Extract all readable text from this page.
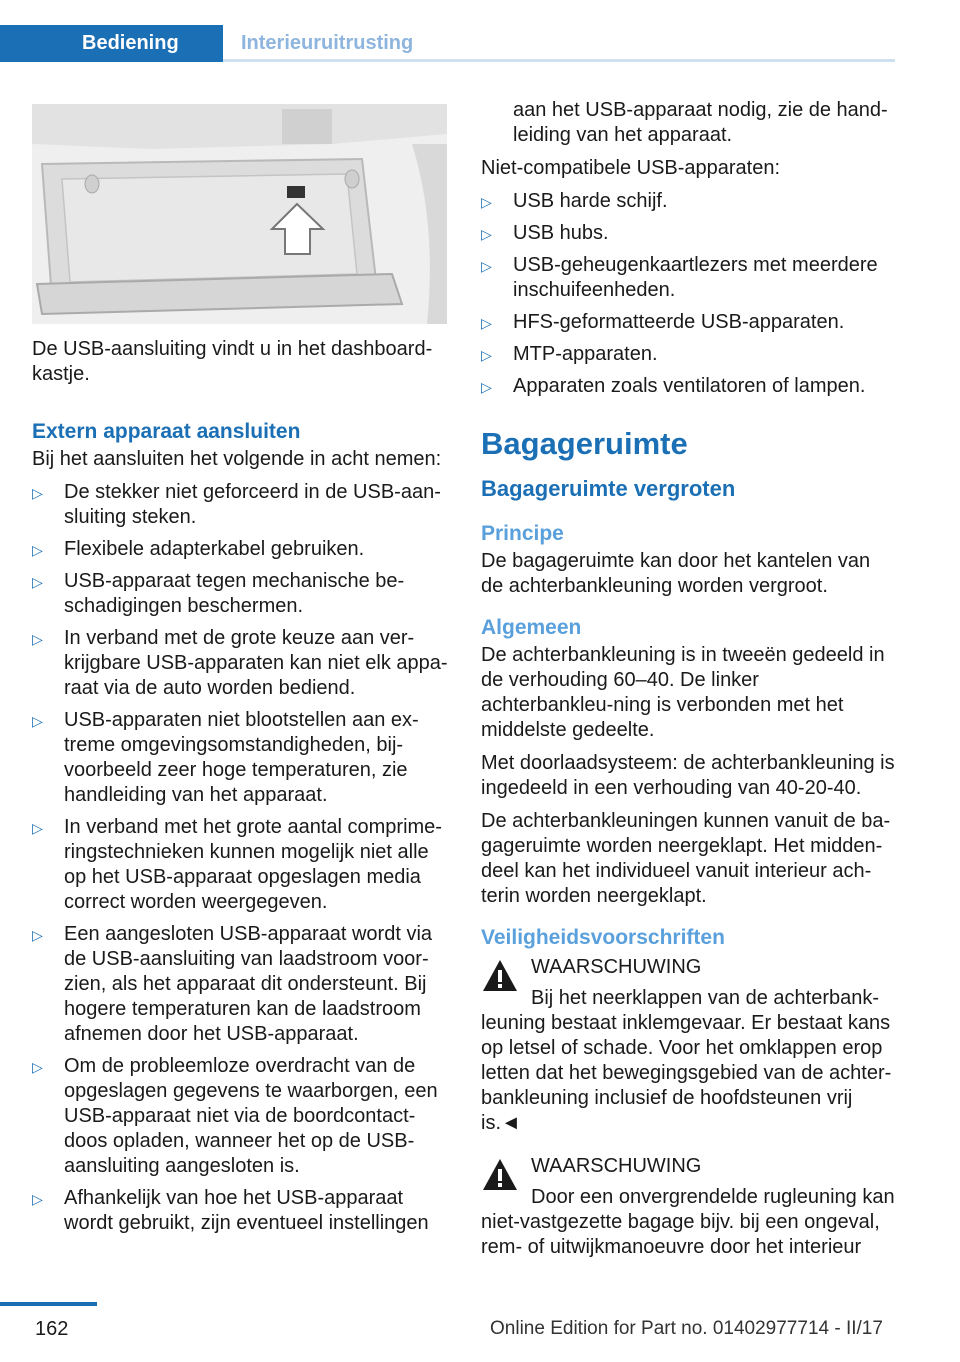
Bediening	Interieuruitrusting
De USB-aansluiting vindt u in het dashboard-kastje.
Extern apparaat aansluiten

Bij het aansluiten het volgende in acht nemen:

▷ De stekker niet geforceerd in de USB-aan-sluiting steken.
▷ Flexibele adapterkabel gebruiken.
▷ USB-apparaat tegen mechanische be-schadigingen beschermen.
▷ In verband met de grote keuze aan ver-krijgbare USB-apparaten kan niet elk appa-raat via de auto worden bediend.
▷ USB-apparaten niet blootstellen aan ex-treme omgevingsomstandigheden, bij-voorbeeld zeer hoge temperaturen, zie handleiding van het apparaat.
▷ In verband met het grote aantal comprime-ringstechnieken kunnen mogelijk niet alle op het USB-apparaat opgeslagen media correct worden weergegeven.
▷ Een aangesloten USB-apparaat wordt via de USB-aansluiting van laadstroom voor-zien, als het apparaat dit ondersteunt. Bij hogere temperaturen kan de laadstroom afnemen door het USB-apparaat.
▷ Om de probleemloze overdracht van de opgeslagen gegevens te waarborgen, een USB-apparaat niet via de boordcontact-doos opladen, wanneer het op de USB-aansluiting aangesloten is.
▷ Afhankelijk van hoe het USB-apparaat wordt gebruikt, zijn eventueel instellingen
aan het USB-apparaat nodig, zie de hand-leiding van het apparaat.

Niet-compatibele USB-apparaten:

▷ USB harde schijf.
▷ USB hubs.
▷ USB-geheugenkaartlezers met meerdere inschuifeenheden.
▷ HFS-geformatteerde USB-apparaten.
▷ MTP-apparaten.
▷ Apparaten zoals ventilatoren of lampen.
Bagageruimte
Bagageruimte vergroten
Principe

De bagageruimte kan door het kantelen van de achterbankleuning worden vergroot.

Algemeen

De achterbankleuning is in tweeën gedeeld in de verhouding 60–40. De linker achterbankleu-ning is verbonden met het middelste gedeelte.

Met doorlaadsysteem: de achterbankleuning is ingedeeld in een verhouding van 40-20-40.

De achterbankleuningen kunnen vanuit de ba-gageruimte worden neergeklapt. Het midden-deel kan het individueel vanuit interieur ach-terin worden neergeklapt.

Veiligheidsvoorschriften
WAARSCHUWING
Bij het neerklappen van de achterbank-
leuning bestaat inklemgevaar. Er bestaat kans op letsel of schade. Voor het omklappen erop letten dat het bewegingsgebied van de achter-bankleuning inclusief de hoofdsteunen vrij is.◄
WAARSCHUWING
Door een onvergrendelde rugleuning kan
niet-vastgezette bagage bijv. bij een ongeval, rem- of uitwijkmanoeuvre door het interieur
162	Online Edition for Part no. 01402977714 - II/17
